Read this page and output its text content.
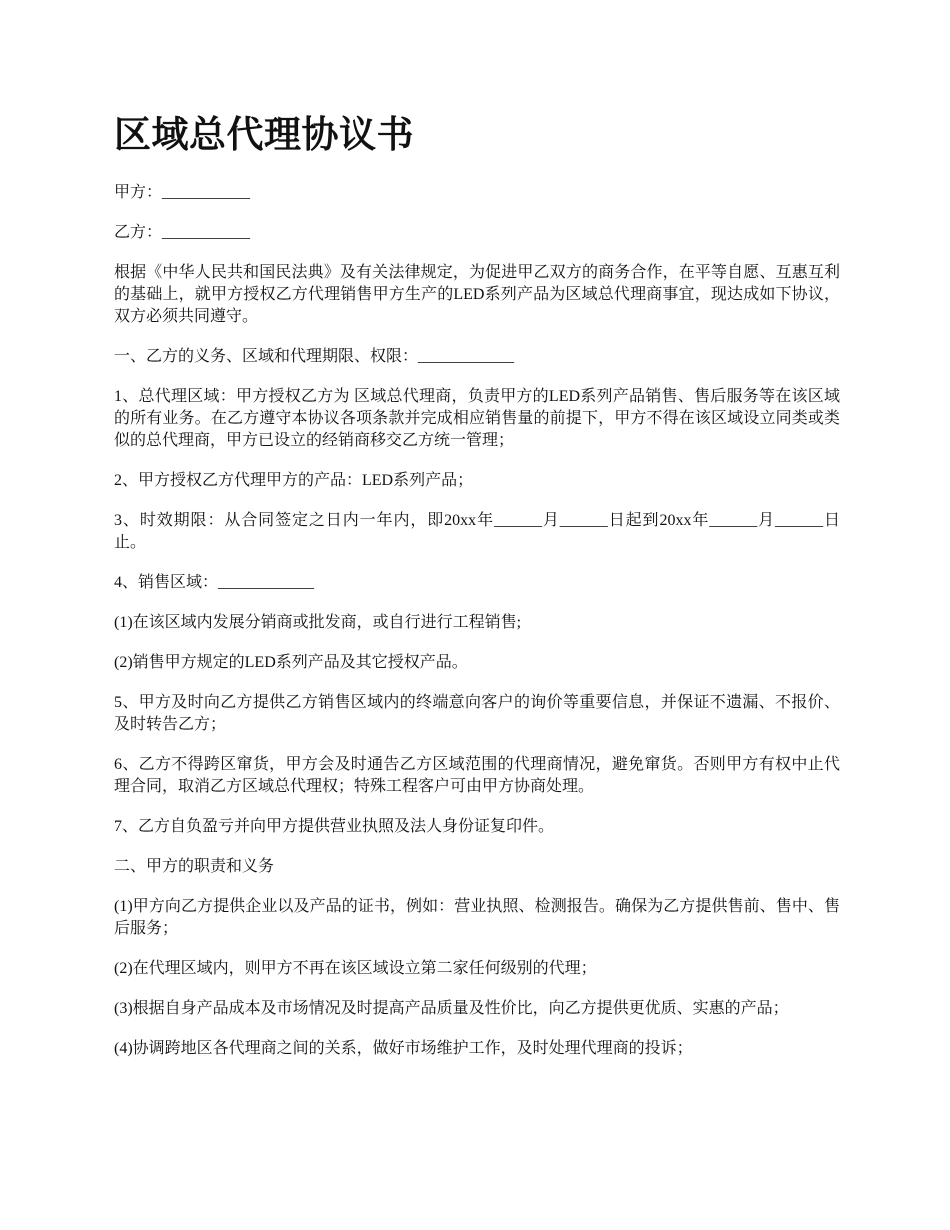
区域总代理协议书

甲方：___________

乙方：___________

根据《中华人民共和国民法典》及有关法律规定，为促进甲乙双方的商务合作，在平等自愿、互惠互利的基础上，就甲方授权乙方代理销售甲方生产的LED系列产品为区域总代理商事宜，现达成如下协议，双方必须共同遵守。

一、乙方的义务、区域和代理期限、权限：____________

1、总代理区域：甲方授权乙方为 区域总代理商，负责甲方的LED系列产品销售、售后服务等在该区域的所有业务。在乙方遵守本协议各项条款并完成相应销售量的前提下，甲方不得在该区域设立同类或类似的总代理商，甲方已设立的经销商移交乙方统一管理；

2、甲方授权乙方代理甲方的产品：LED系列产品；

3、时效期限：从合同签定之日内一年内，即20xx年______月______日起到20xx年______月______日止。

4、销售区域：____________

(1)在该区域内发展分销商或批发商，或自行进行工程销售;

(2)销售甲方规定的LED系列产品及其它授权产品。

5、甲方及时向乙方提供乙方销售区域内的终端意向客户的询价等重要信息，并保证不遗漏、不报价、及时转告乙方；

6、乙方不得跨区窜货，甲方会及时通告乙方区域范围的代理商情况，避免窜货。否则甲方有权中止代理合同，取消乙方区域总代理权；特殊工程客户可由甲方协商处理。

7、乙方自负盈亏并向甲方提供营业执照及法人身份证复印件。

二、甲方的职责和义务

(1)甲方向乙方提供企业以及产品的证书，例如：营业执照、检测报告。确保为乙方提供售前、售中、售后服务；

(2)在代理区域内，则甲方不再在该区域设立第二家任何级别的代理；

(3)根据自身产品成本及市场情况及时提高产品质量及性价比，向乙方提供更优质、实惠的产品；

(4)协调跨地区各代理商之间的关系，做好市场维护工作，及时处理代理商的投诉；
